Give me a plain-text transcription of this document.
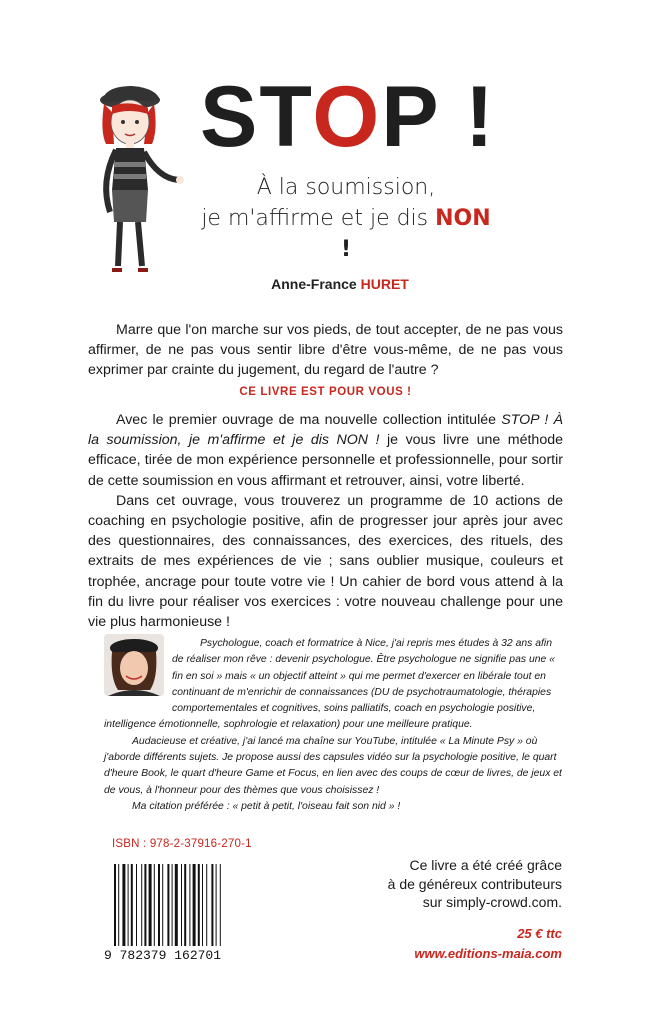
STOP !
À la soumission,
je m'affirme et je dis NON !
Anne-France HURET

Marre que l'on marche sur vos pieds, de tout accepter, de ne pas vous affirmer, de ne pas vous sentir libre d'être vous-même, de ne pas vous exprimer par crainte du jugement, du regard de l'autre ?

CE LIVRE EST POUR VOUS !

Avec le premier ouvrage de ma nouvelle collection intitulée STOP ! À la soumission, je m'affirme et je dis NON ! je vous livre une méthode efficace, tirée de mon expérience personnelle et professionnelle, pour sortir de cette soumission en vous affirmant et retrouver, ainsi, votre liberté.

Dans cet ouvrage, vous trouverez un programme de 10 actions de coaching en psychologie positive, afin de progresser jour après jour avec des questionnaires, des connaissances, des exercices, des rituels, des extraits de mes expériences de vie ; sans oublier musique, couleurs et trophée, ancrage pour toute votre vie ! Un cahier de bord vous attend à la fin du livre pour réaliser vos exercices : votre nouveau challenge pour une vie plus harmonieuse !

Psychologue, coach et formatrice à Nice, j'ai repris mes études à 32 ans afin de réaliser mon rêve : devenir psychologue. Être psychologue ne signifie pas une « fin en soi » mais « un objectif atteint » qui me permet d'exercer en libérale tout en continuant de m'enrichir de connaissances (DU de psychotraumatologie, thérapies comportementales et cognitives, soins palliatifs, coach en psychologie positive, intelligence émotionnelle, sophrologie et relaxation) pour une meilleure pratique.

Audacieuse et créative, j'ai lancé ma chaîne sur YouTube, intitulée « La Minute Psy » où j'aborde différents sujets. Je propose aussi des capsules vidéo sur la psychologie positive, le quart d'heure Book, le quart d'heure Game et Focus, en lien avec des coups de cœur de livres, de jeux et de vous, à l'honneur pour des thèmes que vous choisissez !

Ma citation préférée : « petit à petit, l'oiseau fait son nid » !

ISBN : 978-2-37916-270-1
9 782379 162701
Ce livre a été créé grâce
à de généreux contributeurs
sur simply-crowd.com.
25 € ttc
www.editions-maia.com
